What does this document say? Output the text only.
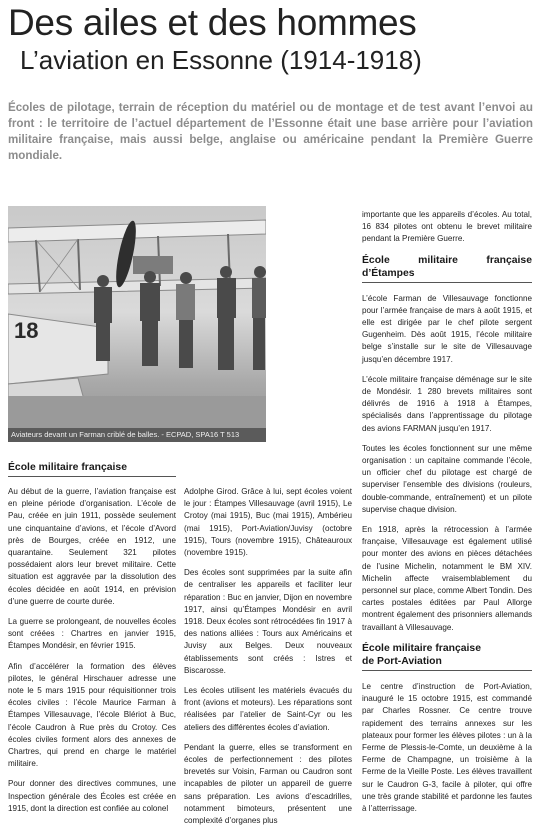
Des ailes et des hommes
L’aviation en Essonne (1914-1918)
Écoles de pilotage, terrain de réception du matériel ou de montage et de test avant l’envoi au front : le territoire de l’actuel département de l’Essonne était une base arrière pour l’aviation militaire française, mais aussi belge, anglaise ou américaine pendant la Première Guerre mondiale.
18
Aviateurs devant un Farman criblé de balles. - ECPAD, SPA16 T 513
École militaire française

Au début de la guerre, l’aviation française est en pleine période d’organisation. L’école de Pau, créée en juin 1911, possède seulement une cinquantaine d’avions, et l’école d’Avord près de Bourges, créée en 1912, une quarantaine. Seulement 321 pilotes possédaient alors leur brevet militaire. Cette situation est aggravée par la dissolution des écoles décidée en août 1914, en prévision d’une guerre de courte durée.

La guerre se prolongeant, de nouvelles écoles sont créées : Chartres en janvier 1915, Étampes Mondésir, en février 1915.

Afin d’accélérer la formation des élèves pilotes, le général Hirschauer adresse une note le 5 mars 1915 pour réquisitionner trois écoles civiles : l’école Maurice Farman à Étampes Villesauvage, l’école Blériot à Buc, l’école Caudron à Rue près du Crotoy. Ces écoles civiles forment alors des annexes de Chartres, qui prend en charge le matériel militaire.

Pour donner des directives communes, une Inspection générale des Écoles est créée en 1915, dont la direction est confiée au colonel

Adolphe Girod. Grâce à lui, sept écoles voient le jour : Étampes Villesauvage (avril 1915), Le Crotoy (mai 1915), Buc (mai 1915), Ambérieu (mai 1915), Port-Aviation/Juvisy (octobre 1915), Tours (novembre 1915), Châteauroux (novembre 1915).

Des écoles sont supprimées par la suite afin de centraliser les appareils et faciliter leur réparation : Buc en janvier, Dijon en novembre 1917, ainsi qu’Étampes Mondésir en avril 1918. Deux écoles sont rétrocédées fin 1917 à des nations alliées : Tours aux Américains et Juvisy aux Belges. Deux nouveaux établissements sont créés : Istres et Biscarosse.

Les écoles utilisent les matériels évacués du front (avions et moteurs). Les réparations sont réalisées par l’atelier de Saint-Cyr ou les ateliers des différentes écoles d’aviation.

Pendant la guerre, elles se transforment en écoles de perfectionnement : des pilotes brevetés sur Voisin, Farman ou Caudron sont incapables de piloter un appareil de guerre sans préparation. Les avions d’escadrilles, notamment bimoteurs, présentent une complexité d’organes plus

importante que les appareils d’écoles. Au total, 16 834 pilotes ont obtenu le brevet militaire pendant la Première Guerre.

École militaire française d’Étampes

L’école Farman de Villesauvage fonctionne pour l’armée française de mars à août 1915, et elle est dirigée par le chef pilote sergent Gugenheim. Dès août 1915, l’école militaire belge s’installe sur le site de Villesauvage jusqu’en décembre 1917.

L’école militaire française déménage sur le site de Mondésir. 1 280 brevets militaires sont délivrés de 1916 à 1918 à Étampes, spécialisés dans l’apprentissage du pilotage des avions FARMAN jusqu’en 1917.

Toutes les écoles fonctionnent sur une même organisation : un capitaine commande l’école, un officier chef du pilotage est chargé de superviser l’ensemble des divisions (rouleurs, double-commande, entraînement) et un pilote supervise chaque division.

En 1918, après la rétrocession à l’armée française, Villesauvage est également utilisé pour monter des avions en pièces détachées de l’usine Michelin, notamment le BM XIV. Michelin affecte vraisemblablement du personnel sur place, comme Albert Tondin. Des cartes postales éditées par Paul Allorge montrent également des prisonniers allemands travaillant à Villesauvage.

École militaire française
de Port-Aviation

Le centre d’instruction de Port-Aviation, inauguré le 15 octobre 1915, est commandé par Charles Rossner. Ce centre trouve rapidement des terrains annexes sur les plateaux pour former les élèves pilotes : un à la Ferme de Plessis-le-Comte, un deuxième à la Ferme de Champagne, un troisième à la Ferme de la Vieille Poste. Les élèves travaillent sur le Caudron G-3, facile à piloter, qui offre une très grande stabilité et pardonne les fautes à l’atterrissage.
